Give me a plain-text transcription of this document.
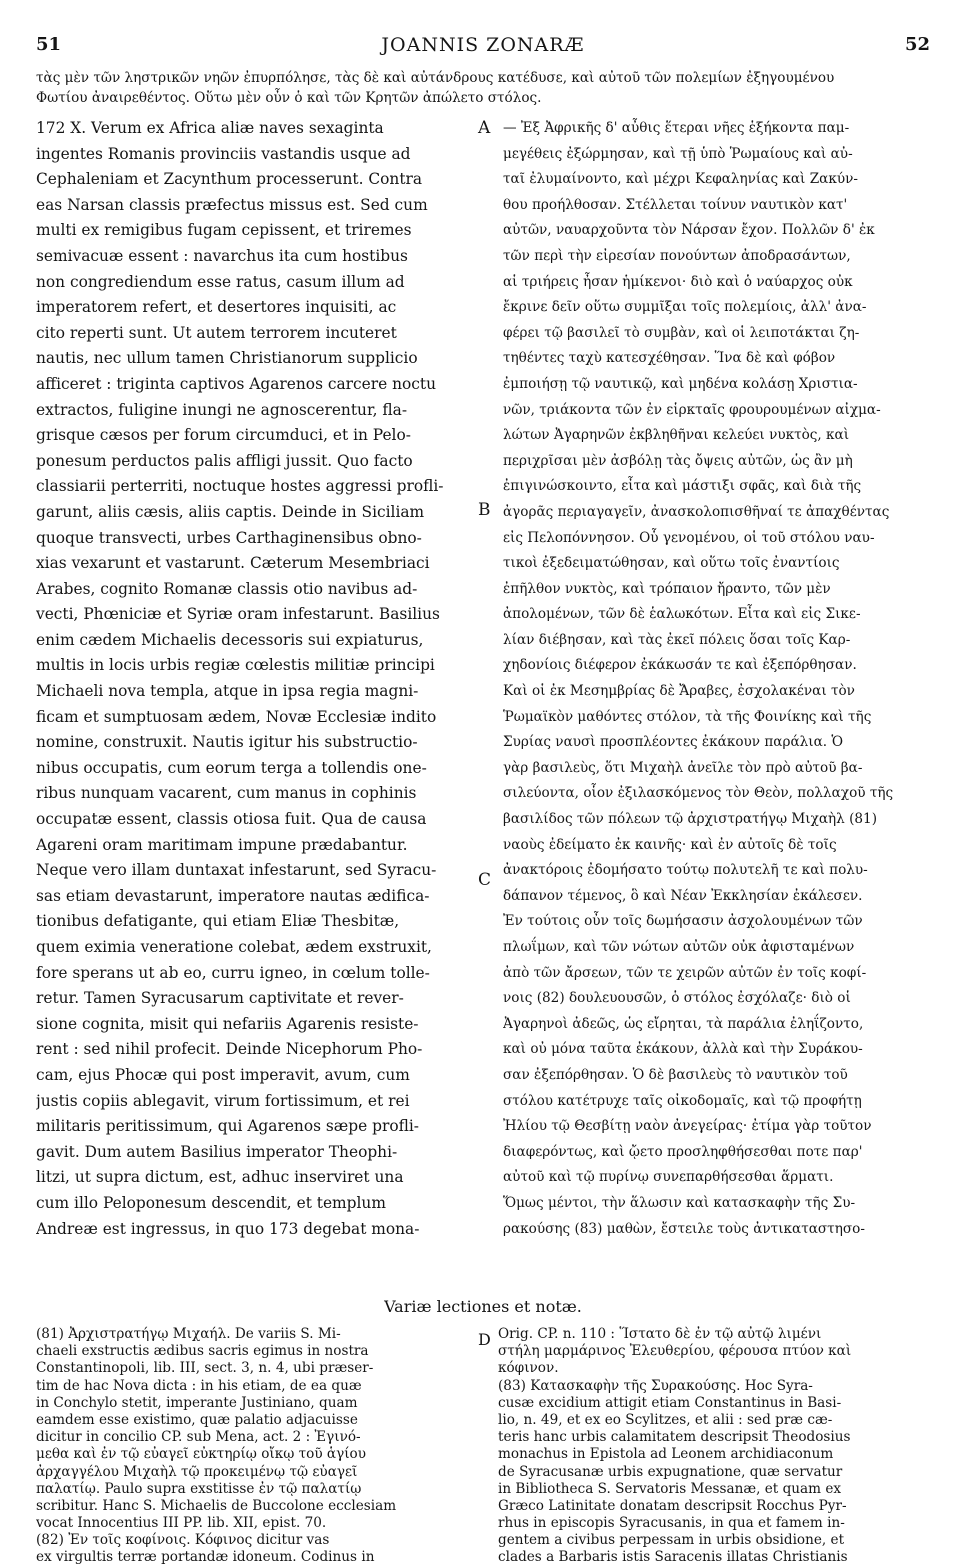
51	JOANNIS ZONARÆ	52
τὰς μὲν τῶν ληστρικῶν νηῶν ἐπυρπόλησε, τὰς δὲ καὶ αὐτάνδρους κατέδυσε, καὶ αὐτοῦ τῶν πολεμίων ἐξηγουμένου
Φωτίου ἀναιρεθέντος. Οὕτω μὲν οὖν ὁ καὶ τῶν Κρητῶν ἀπώλετο στόλος.
172 X. Verum ex Africa aliæ naves sexaginta
ingentes Romanis provinciis vastandis usque ad
Cephaleniam et Zacynthum processerunt. Contra
eas Narsan classis præfectus missus est. Sed cum
multi ex remigibus fugam cepissent, et triremes
semivacuæ essent : navarchus ita cum hostibus
non congrediendum esse ratus, casum illum ad
imperatorem refert, et desertores inquisiti, ac
cito reperti sunt. Ut autem terrorem incuteret
nautis, nec ullum tamen Christianorum supplicio
afficeret : triginta captivos Agarenos carcere noctu
extractos, fuligine inungi ne agnoscerentur, fla-
grisque cæsos per forum circumduci, et in Pelo-
ponesum perductos palis affligi jussit. Quo facto
classiarii perterriti, noctuque hostes aggressi profli-
garunt, aliis cæsis, aliis captis. Deinde in Siciliam
quoque transvecti, urbes Carthaginensibus obno-
xias vexarunt et vastarunt. Cæterum Mesembriaci
Arabes, cognito Romanæ classis otio navibus ad-
vecti, Phœniciæ et Syriæ oram infestarunt. Basilius
enim cædem Michaelis decessoris sui expiaturus,
multis in locis urbis regiæ cœlestis militiæ principi
Michaeli nova templa, atque in ipsa regia magni-
ficam et sumptuosam ædem, Novæ Ecclesiæ indito
nomine, construxit. Nautis igitur his substructio-
nibus occupatis, cum eorum terga a tollendis one-
ribus nunquam vacarent, cum manus in cophinis
occupatæ essent, classis otiosa fuit. Qua de causa
Agareni oram maritimam impune prædabantur.
Neque vero illam duntaxat infestarunt, sed Syracu-
sas etiam devastarunt, imperatore nautas ædifica-
tionibus defatigante, qui etiam Eliæ Thesbitæ,
quem eximia veneratione colebat, ædem exstruxit,
fore sperans ut ab eo, curru igneo, in cœlum tolle-
retur. Tamen Syracusarum captivitate et rever-
sione cognita, misit qui nefariis Agarenis resiste-
rent : sed nihil profecit. Deinde Nicephorum Pho-
cam, ejus Phocæ qui post imperavit, avum, cum
justis copiis ablegavit, virum fortissimum, et rei
militaris peritissimum, qui Agarenos sæpe profli-
gavit. Dum autem Basilius imperator Theophi-
litzi, ut supra dictum, est, adhuc inserviret una
cum illo Peloponesum descendit, et templum
Andreæ est ingressus, in quo 173 degebat mona-
— Ἐξ Ἀφρικῆς δ' αὖθις ἕτεραι νῆες ἑξήκοντα παμ-
μεγέθεις ἐξώρμησαν, καὶ τῇ ὑπὸ Ῥωμαίους καὶ αὐ-
ταῖ ἐλυμαίνοντο, καὶ μέχρι Κεφαληνίας καὶ Ζακύν-
θου προήλθοσαν. Στέλλεται τοίνυν ναυτικὸν κατ'
αὐτῶν, ναυαρχοῦντα τὸν Νάρσαν ἔχον. Πολλῶν δ' ἐκ
τῶν περὶ τὴν εἰρεσίαν πονούντων ἀποδρασάντων,
αἱ τριήρεις ἦσαν ἡμίκενοι· διὸ καὶ ὁ ναύαρχος οὐκ
ἔκρινε δεῖν οὕτω συμμῖξαι τοῖς πολεμίοις, ἀλλ' ἀνα-
φέρει τῷ βασιλεῖ τὸ συμβὰν, καὶ οἱ λειποτάκται ζη-
τηθέντες ταχὺ κατεσχέθησαν. Ἵνα δὲ καὶ φόβον
ἐμποιήσῃ τῷ ναυτικῷ, καὶ μηδένα κολάσῃ Χριστια-
νῶν, τριάκοντα τῶν ἐν εἱρκταῖς φρουρουμένων αἰχμα-
λώτων Ἀγαρηνῶν ἐκβληθῆναι κελεύει νυκτὸς, καὶ
περιχρῖσαι μὲν ἀσβόλῃ τὰς ὄψεις αὐτῶν, ὡς ἂν μὴ
ἐπιγινώσκοιντο, εἶτα καὶ μάστιξι σφᾶς, καὶ διὰ τῆς
ἀγορᾶς περιαγαγεῖν, ἀνασκολοπισθῆναί τε ἀπαχθέντας
εἰς Πελοπόννησον. Οὗ γενομένου, οἱ τοῦ στόλου ναυ-
τικοὶ ἐξεδειματώθησαν, καὶ οὕτω τοῖς ἐναντίοις
ἐπῆλθον νυκτὸς, καὶ τρόπαιον ἤραντο, τῶν μὲν
ἀπολομένων, τῶν δὲ ἑαλωκότων. Εἶτα καὶ εἰς Σικε-
λίαν διέβησαν, καὶ τὰς ἐκεῖ πόλεις ὅσαι τοῖς Καρ-
χηδονίοις διέφερον ἐκάκωσάν τε καὶ ἐξεπόρθησαν.
Καὶ οἱ ἐκ Μεσημβρίας δὲ Ἄραβες, ἐσχολακέναι τὸν
Ῥωμαϊκὸν μαθόντες στόλον, τὰ τῆς Φοινίκης καὶ τῆς
Συρίας ναυσὶ προσπλέοντες ἐκάκουν παράλια. Ὁ
γὰρ βασιλεὺς, ὅτι Μιχαὴλ ἀνεῖλε τὸν πρὸ αὐτοῦ βα-
σιλεύοντα, οἷον ἐξιλασκόμενος τὸν Θεὸν, πολλαχοῦ τῆς
βασιλίδος τῶν πόλεων τῷ ἀρχιστρατήγῳ Μιχαὴλ (81)
ναοὺς ἐδείματο ἐκ καινῆς· καὶ ἐν αὐτοῖς δὲ τοῖς
ἀνακτόροις ἐδομήσατο τούτῳ πολυτελῆ τε καὶ πολυ-
δάπανον τέμενος, ὃ καὶ Νέαν Ἐκκλησίαν ἐκάλεσεν.
Ἐν τούτοις οὖν τοῖς δωμήσασιν ἀσχολουμένων τῶν
πλωΐμων, καὶ τῶν νώτων αὐτῶν οὐκ ἀφισταμένων
ἀπὸ τῶν ἄρσεων, τῶν τε χειρῶν αὐτῶν ἐν τοῖς κοφί-
νοις (82) δουλευουσῶν, ὁ στόλος ἐσχόλαζε· διὸ οἱ
Ἀγαρηνοὶ ἀδεῶς, ὡς εἴρηται, τὰ παράλια ἐληΐζοντο,
καὶ οὐ μόνα ταῦτα ἐκάκουν, ἀλλὰ καὶ τὴν Συράκου-
σαν ἐξεπόρθησαν. Ὁ δὲ βασιλεὺς τὸ ναυτικὸν τοῦ
στόλου κατέτρυχε ταῖς οἰκοδομαῖς, καὶ τῷ προφήτῃ
Ἠλίου τῷ Θεσβίτῃ ναὸν ἀνεγείρας· ἐτίμα γὰρ τοῦτον
διαφερόντως, καὶ ᾤετο προσληφθήσεσθαι ποτε παρ'
αὐτοῦ καὶ τῷ πυρίνῳ συνεπαρθήσεσθαι ἅρματι.
Ὅμως μέντοι, τὴν ἅλωσιν καὶ κατασκαφὴν τῆς Συ-
ρακούσης (83) μαθὼν, ἔστειλε τοὺς ἀντικαταστησο-
A
B
C
Variæ lectiones et notæ.
(81) Ἀρχιστρατήγῳ Μιχαήλ. De variis S. Mi-
chaeli exstructis ædibus sacris egimus in nostra
Constantinopoli, lib. III, sect. 3, n. 4, ubi præser-
tim de hac Nova dicta : in his etiam, de ea quæ
in Conchylo stetit, imperante Justiniano, quam
eamdem esse existimo, quæ palatio adjacuisse
dicitur in concilio CP. sub Mena, act. 2 : Ἐγινό-
μεθα καὶ ἐν τῷ εὐαγεῖ εὐκτηρίῳ οἴκῳ τοῦ ἁγίου
ἀρχαγγέλου Μιχαὴλ τῷ προκειμένῳ τῷ εὐαγεῖ
παλατίῳ. Paulo supra exstitisse ἐν τῷ παλατίῳ
scribitur. Hanc S. Michaelis de Buccolone ecclesiam
vocat Innocentius III PP. lib. XII, epist. 70.
(82) Ἐν τοῖς κοφίνοις. Κόφινος dicitur vas
ex virgultis terræ portandæ idoneum. Codinus in
D Orig. CP. n. 110 : Ἵστατο δὲ ἐν τῷ αὐτῷ λιμένι
στήλη μαρμάρινος Ἐλευθερίου, φέρουσα πτύον καὶ
κόφινον.
(83) Κατασκαφὴν τῆς Συρακούσης. Hoc Syra-
cusæ excidium attigit etiam Constantinus in Basi-
lio, n. 49, et ex eo Scylitzes, et alii : sed præ cæ-
teris hanc urbis calamitatem descripsit Theodosius
monachus in Epistola ad Leonem archidiaconum
de Syracusanæ urbis expugnatione, quæ servatur
in Bibliotheca S. Servatoris Messanæ, et quam ex
Græco Latinitate donatam descripsit Rocchus Pyr-
rhus in episcopis Syracusanis, in qua et famem in-
gentem a civibus perpessam in urbis obsidione, et
clades a Barbaris istis Saracenis illatas Christianis
